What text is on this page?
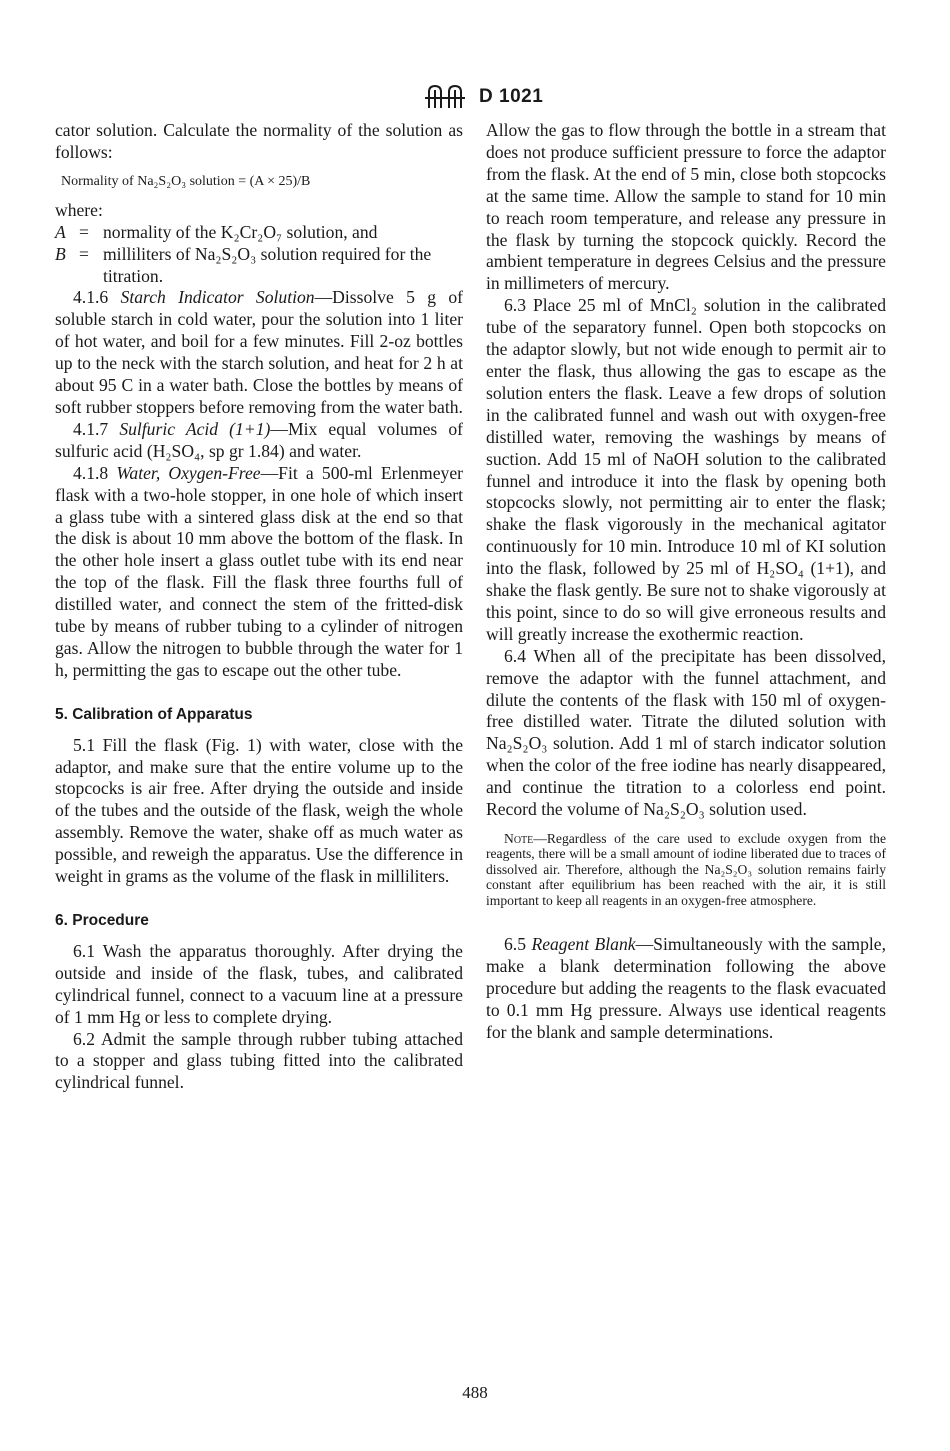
D 1021

cator solution. Calculate the normality of the solution as follows:

Normality of Na₂S₂O₃ solution = (A × 25)/B

where:

A = normality of the K₂Cr₂O₇ solution, and
B = milliliters of Na₂S₂O₃ solution required for the titration.

4.1.6 Starch Indicator Solution—Dissolve 5 g of soluble starch in cold water, pour the solution into 1 liter of hot water, and boil for a few minutes. Fill 2-oz bottles up to the neck with the starch solution, and heat for 2 h at about 95 C in a water bath. Close the bottles by means of soft rubber stoppers before removing from the water bath.

4.1.7 Sulfuric Acid (1+1)—Mix equal volumes of sulfuric acid (H₂SO₄, sp gr 1.84) and water.

4.1.8 Water, Oxygen-Free—Fit a 500-ml Erlenmeyer flask with a two-hole stopper, in one hole of which insert a glass tube with a sintered glass disk at the end so that the disk is about 10 mm above the bottom of the flask. In the other hole insert a glass outlet tube with its end near the top of the flask. Fill the flask three fourths full of distilled water, and connect the stem of the fritted-disk tube by means of rubber tubing to a cylinder of nitrogen gas. Allow the nitrogen to bubble through the water for 1 h, permitting the gas to escape out the other tube.

5. Calibration of Apparatus

5.1 Fill the flask (Fig. 1) with water, close with the adaptor, and make sure that the entire volume up to the stopcocks is air free. After drying the outside and inside of the tubes and the outside of the flask, weigh the whole assembly. Remove the water, shake off as much water as possible, and reweigh the apparatus. Use the difference in weight in grams as the volume of the flask in milliliters.

6. Procedure

6.1 Wash the apparatus thoroughly. After drying the outside and inside of the flask, tubes, and calibrated cylindrical funnel, connect to a vacuum line at a pressure of 1 mm Hg or less to complete drying.

6.2 Admit the sample through rubber tubing attached to a stopper and glass tubing fitted into the calibrated cylindrical funnel.

Allow the gas to flow through the bottle in a stream that does not produce sufficient pressure to force the adaptor from the flask. At the end of 5 min, close both stopcocks at the same time. Allow the sample to stand for 10 min to reach room temperature, and release any pressure in the flask by turning the stopcock quickly. Record the ambient temperature in degrees Celsius and the pressure in millimeters of mercury.

6.3 Place 25 ml of MnCl₂ solution in the calibrated tube of the separatory funnel. Open both stopcocks on the adaptor slowly, but not wide enough to permit air to enter the flask, thus allowing the gas to escape as the solution enters the flask. Leave a few drops of solution in the calibrated funnel and wash out with oxygen-free distilled water, removing the washings by means of suction. Add 15 ml of NaOH solution to the calibrated funnel and introduce it into the flask by opening both stopcocks slowly, not permitting air to enter the flask; shake the flask vigorously in the mechanical agitator continuously for 10 min. Introduce 10 ml of KI solution into the flask, followed by 25 ml of H₂SO₄ (1+1), and shake the flask gently. Be sure not to shake vigorously at this point, since to do so will give erroneous results and will greatly increase the exothermic reaction.

6.4 When all of the precipitate has been dissolved, remove the adaptor with the funnel attachment, and dilute the contents of the flask with 150 ml of oxygen-free distilled water. Titrate the diluted solution with Na₂S₂O₃ solution. Add 1 ml of starch indicator solution when the color of the free iodine has nearly disappeared, and continue the titration to a colorless end point. Record the volume of Na₂S₂O₃ solution used.

Note—Regardless of the care used to exclude oxygen from the reagents, there will be a small amount of iodine liberated due to traces of dissolved air. Therefore, although the Na₂S₂O₃ solution remains fairly constant after equilibrium has been reached with the air, it is still important to keep all reagents in an oxygen-free atmosphere.

6.5 Reagent Blank—Simultaneously with the sample, make a blank determination following the above procedure but adding the reagents to the flask evacuated to 0.1 mm Hg pressure. Always use identical reagents for the blank and sample determinations.

488
